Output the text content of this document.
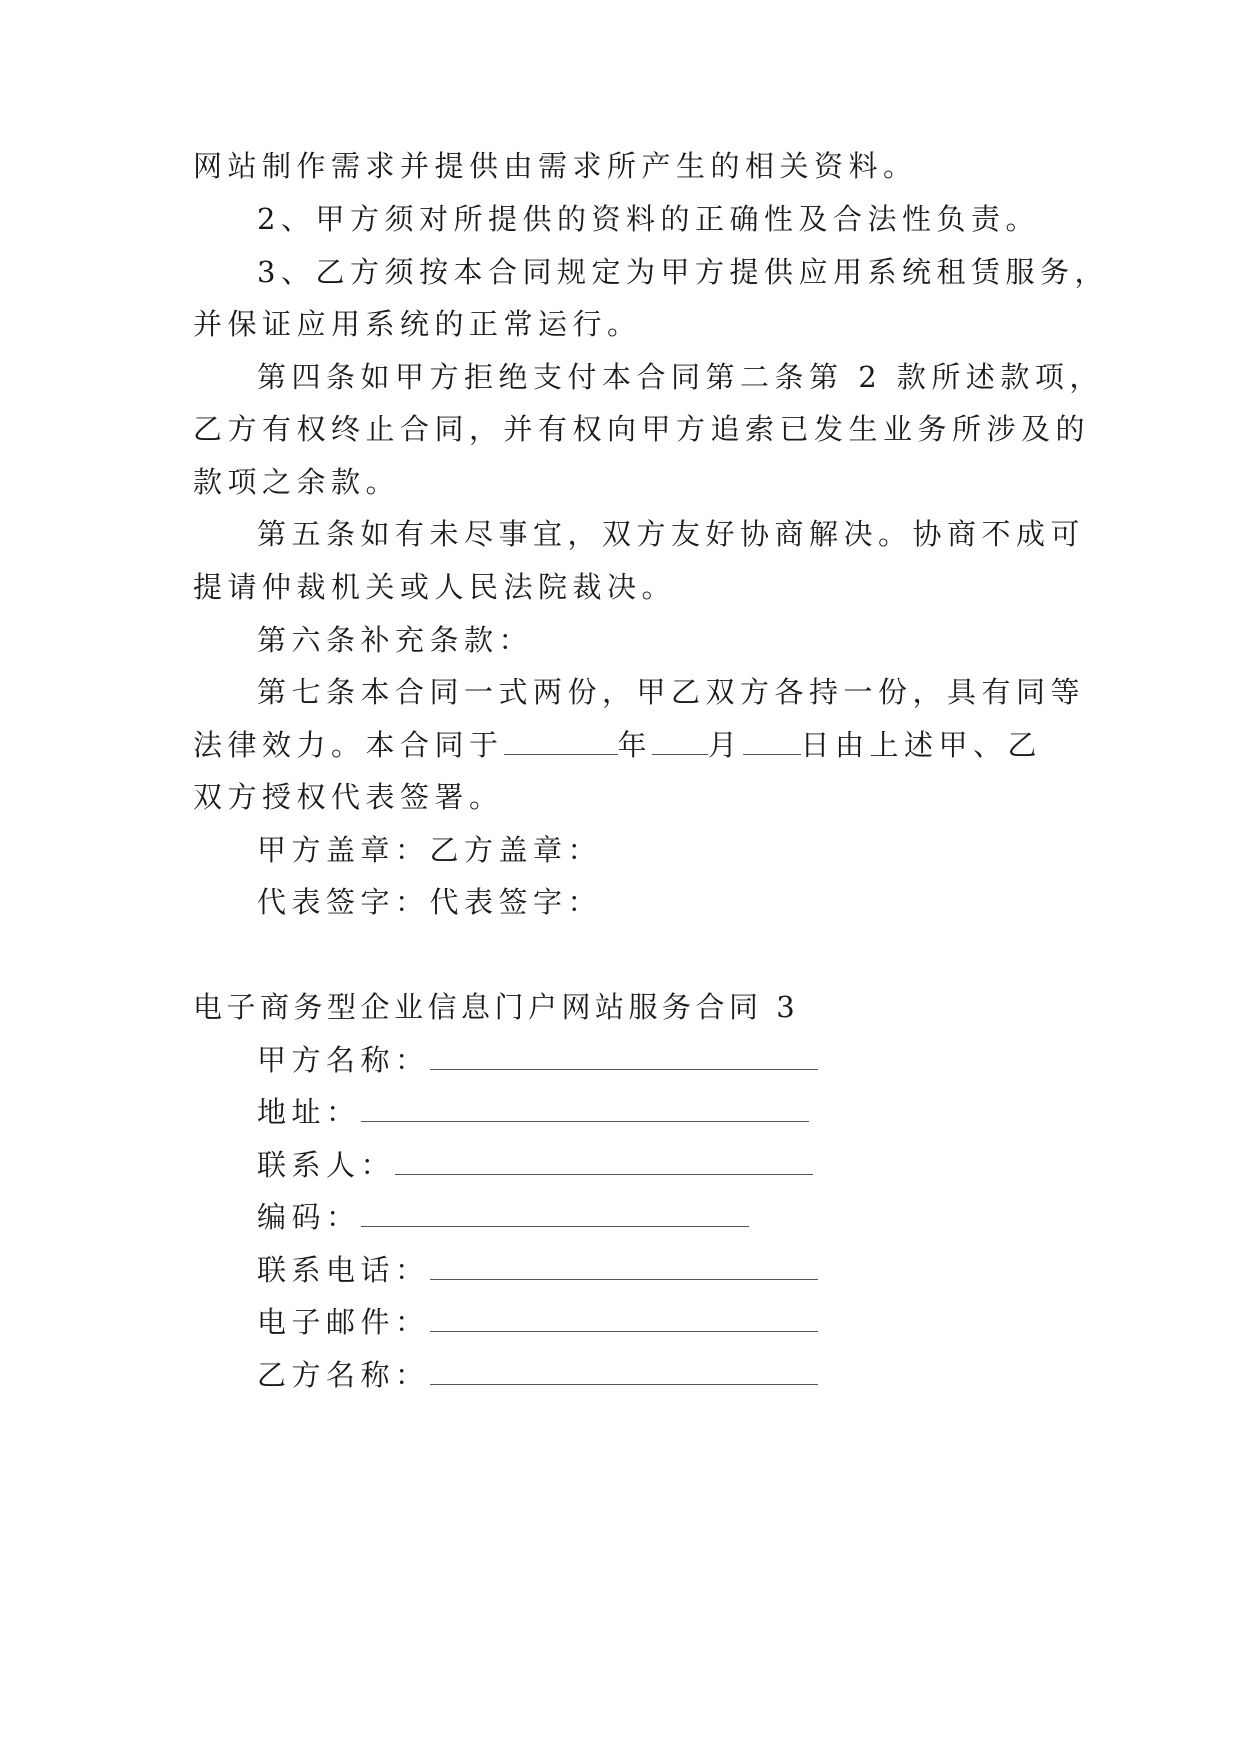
网站制作需求并提供由需求所产生的相关资料。
2、甲方须对所提供的资料的正确性及合法性负责。
3、乙方须按本合同规定为甲方提供应用系统租赁服务，
并保证应用系统的正常运行。
第四条如甲方拒绝支付本合同第二条第 2 款所述款项，
乙方有权终止合同，并有权向甲方追索已发生业务所涉及的
款项之余款。
第五条如有未尽事宜，双方友好协商解决。协商不成可
提请仲裁机关或人民法院裁决。
第六条补充条款：
第七条本合同一式两份，甲乙双方各持一份，具有同等
法律效力。本合同于	年 月 日由上述甲、乙
双方授权代表签署。
甲方盖章：乙方盖章：
代表签字：代表签字：
电子商务型企业信息门户网站服务合同 3
甲方名称：
地址：
联系人：
编码：
联系电话：
电子邮件：
乙方名称：
